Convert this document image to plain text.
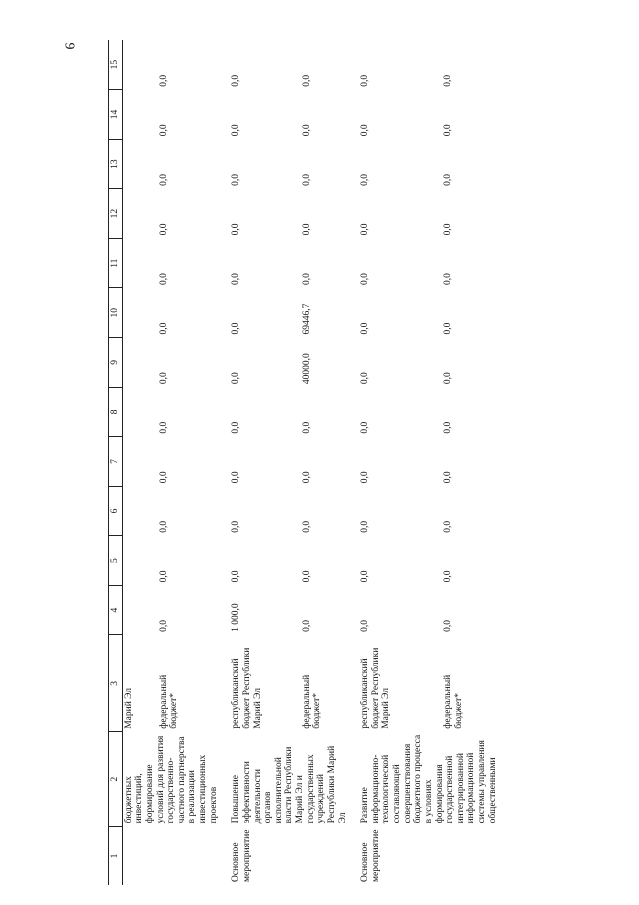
9
1	2	3	4	5	6	7	8	9	10	11	12	13	14	15
	бюджетных инвестиций, формирование условий для развития государственно-частного партнерства в реализации инвестиционных проектов	Марий Эл												
		федеральный бюджет*	0,0	0,0	0,0	0,0	0,0	0,0	0,0	0,0	0,0	0,0	0,0	0,0

Основное мероприятие	Повышение эффективности деятельности органов исполнительной власти Республики Марий Эл и государственных учреждений Республики Марий Эл	республиканский бюджет Республики Марий Эл	1 000,0	0,0	0,0	0,0	0,0	0,0	0,0	0,0	0,0	0,0	0,0	0,0
		федеральный бюджет*	0,0	0,0	0,0	0,0	0,0	40000,0	69446,7	0,0	0,0	0,0	0,0	0,0

Основное мероприятие	Развитие информационно-технологической составляющей совершенствования бюджетного процесса в условиях формирования государственной интегрированной информационной системы управления общественными	республиканский бюджет Республики Марий Эл	0,0	0,0	0,0	0,0	0,0	0,0	0,0	0,0	0,0	0,0	0,0	0,0
		федеральный бюджет*	0,0	0,0	0,0	0,0	0,0	0,0	0,0	0,0	0,0	0,0	0,0	0,0
